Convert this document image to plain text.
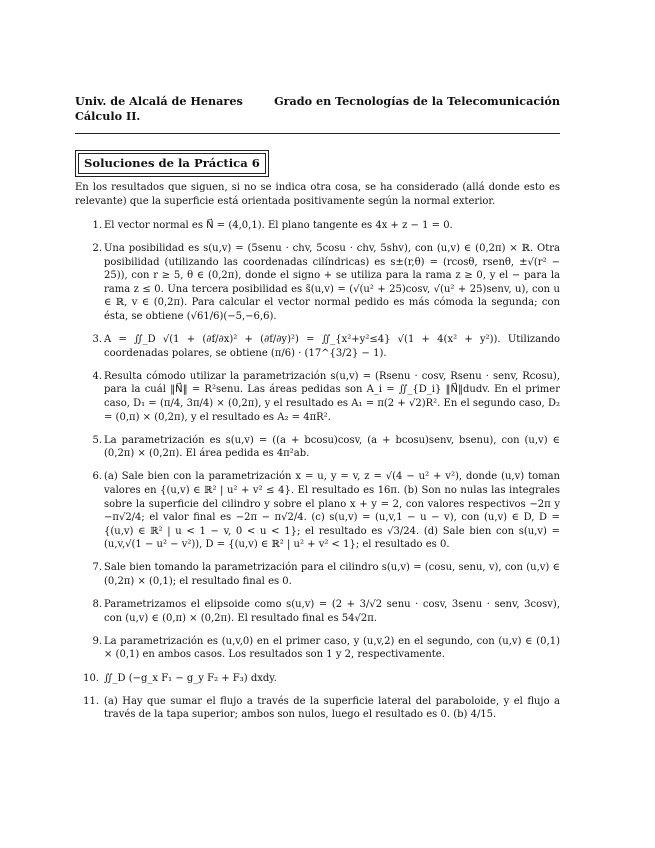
Univ. de Alcalá de Henares
Cálculo II.
Grado en Tecnologías de la Telecomunicación
Soluciones de la Práctica 6
En los resultados que siguen, si no se indica otra cosa, se ha considerado (allá donde esto es relevante) que la superficie está orientada positivamente según la normal exterior.
1. El vector normal es N⃗ = (4,0,1). El plano tangente es 4x + z − 1 = 0.
2. Una posibilidad es s(u,v) = (5senu · chv, 5cosu · chv, 5shv), con (u,v) ∈ (0,2π) × ℝ. Otra posibilidad (utilizando las coordenadas cilíndricas) es s±(r,θ) = (rcosθ, rsenθ, ±√(r² − 25)), con r ≥ 5, θ ∈ (0,2π), donde el signo + se utiliza para la rama z ≥ 0, y el − para la rama z ≤ 0. Una tercera posibilidad es s̃(u,v) = (√(u² + 25)cosv, √(u² + 25)senv, u), con u ∈ ℝ, v ∈ (0,2π). Para calcular el vector normal pedido es más cómoda la segunda; con ésta, se obtiene (√61/6)(−5,−6,6).
3. A = ∬_D √(1 + (∂f/∂x)² + (∂f/∂y)²) = ∬_{x²+y²≤4} √(1 + 4(x² + y²)). Utilizando coordenadas polares, se obtiene (π/6) · (17^{3/2} − 1).
4. Resulta cómodo utilizar la parametrización s(u,v) = (Rsenu · cosv, Rsenu · senv, Rcosu), para la cuál ‖N⃗‖ = R²senu. Las áreas pedidas son A_i = ∬_{D_i} ‖N⃗‖dudv. En el primer caso, D₁ = (π/4, 3π/4) × (0,2π), y el resultado es A₁ = π(2 + √2)R². En el segundo caso, D₂ = (0,π) × (0,2π), y el resultado es A₂ = 4πR².
5. La parametrización es s(u,v) = ((a + bcosu)cosv, (a + bcosu)senv, bsenu), con (u,v) ∈ (0,2π) × (0,2π). El área pedida es 4π²ab.
6. (a) Sale bien con la parametrización x = u, y = v, z = √(4 − u² + v²), donde (u,v) toman valores en {(u,v) ∈ ℝ² | u² + v² ≤ 4}. El resultado es 16π. (b) Son no nulas las integrales sobre la superficie del cilindro y sobre el plano x + y = 2, con valores respectivos −2π y −π√2/4; el valor final es −2π − π√2/4. (c) s(u,v) = (u,v,1 − u − v), con (u,v) ∈ D, D = {(u,v) ∈ ℝ² | u < 1 − v, 0 < u < 1}; el resultado es √3/24. (d) Sale bien con s(u,v) = (u,v,√(1 − u² − v²)), D = {(u,v) ∈ ℝ² | u² + v² < 1}; el resultado es 0.
7. Sale bien tomando la parametrización para el cilindro s(u,v) = (cosu, senu, v), con (u,v) ∈ (0,2π) × (0,1); el resultado final es 0.
8. Parametrizamos el elipsoide como s(u,v) = (2 + 3/√2 senu · cosv, 3senu · senv, 3cosv), con (u,v) ∈ (0,π) × (0,2π). El resultado final es 54√2π.
9. La parametrización es (u,v,0) en el primer caso, y (u,v,2) en el segundo, con (u,v) ∈ (0,1) × (0,1) en ambos casos. Los resultados son 1 y 2, respectivamente.
10. ∬_D (−g_x F₁ − g_y F₂ + F₃) dxdy.
11. (a) Hay que sumar el flujo a través de la superficie lateral del paraboloide, y el flujo a través de la tapa superior; ambos son nulos, luego el resultado es 0. (b) 4/15.
